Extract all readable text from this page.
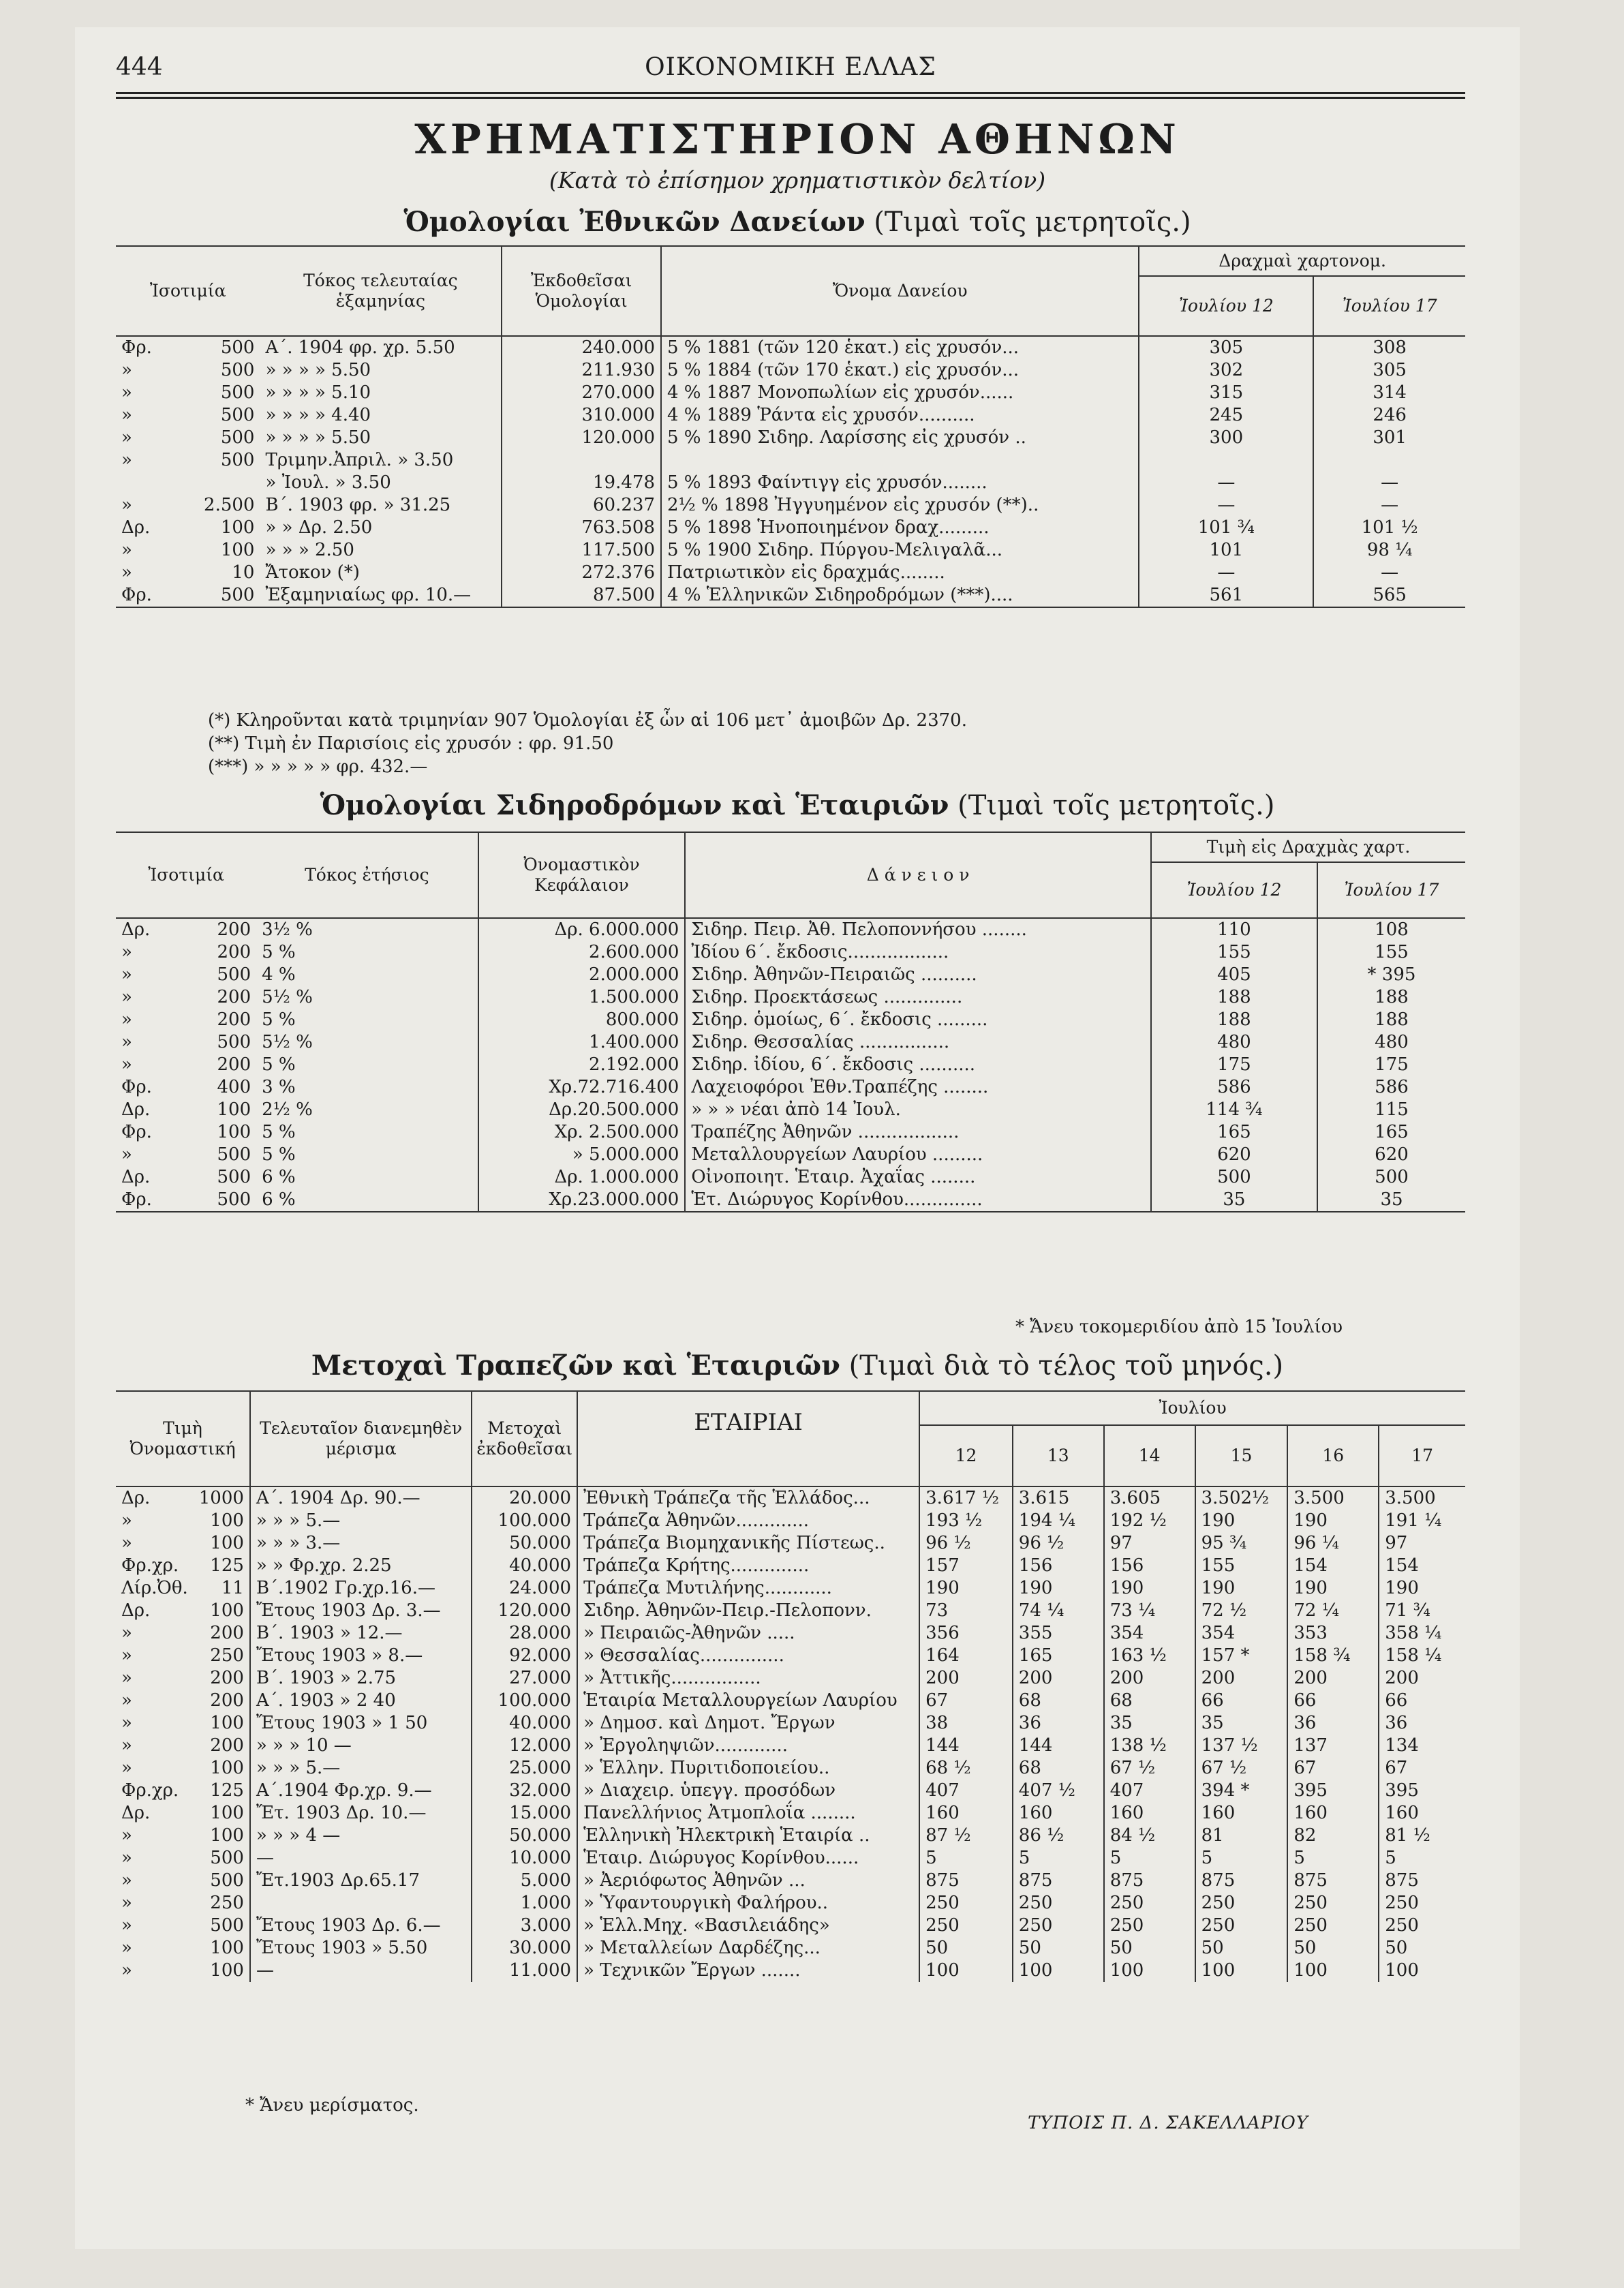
444	ΟΙΚΟΝΟΜΙΚΗ ΕΛΛΑΣ
ΧΡΗΜΑΤΙΣΤΗΡΙΟΝ ΑΘΗΝΩΝ
(Κατὰ τὸ ἐπίσημον χρηματιστικὸν δελτίον)
Ὁμολογίαι Ἐθνικῶν Δανείων (Τιμαὶ τοῖς μετρητοῖς.)
Ἰσοτιμία		Τόκος τελευταίας ἑξαμηνίας	Ἐκδοθεῖσαι Ὁμολογίαι	Ὄνομα Δανείου	Δραχμαὶ χαρτονομ.	
					Ἰουλίου 12	Ἰουλίου 17
Φρ.	500	Α΄. 1904 φρ. χρ. 5.50	240.000	5 % 1881 (τῶν 120 ἑκατ.) εἰς χρυσόν...	305	308
»	500	» » » » 5.50	211.930	5 % 1884 (τῶν 170 ἑκατ.) εἰς χρυσόν...	302	305
»	500	» » » » 5.10	270.000	4 % 1887 Μονοπωλίων εἰς χρυσόν......	315	314
»	500	» » » » 4.40	310.000	4 % 1889 Ῥάντα εἰς χρυσόν..........	245	246
»	500	» » » » 5.50	120.000	5 % 1890 Σιδηρ. Λαρίσσης εἰς χρυσόν ..	300	301
»	500	Τριμην.Ἀπριλ. » 3.50				
		» Ἰουλ. » 3.50	19.478	5 % 1893 Φαίντιγγ εἰς χρυσόν........	—	—
»	2.500	Β΄. 1903 φρ. » 31.25	60.237	2½ % 1898 Ἠγγυημένον εἰς χρυσόν (**)..	—	—
Δρ.	100	» » Δρ. 2.50	763.508	5 % 1898 Ἡνοποιημένον δραχ.........	101 ¾	101 ½
»	100	» » » 2.50	117.500	5 % 1900 Σιδηρ. Πύργου-Μελιγαλᾶ...	101	98 ¼
»	10	Ἄτοκον (*)	272.376	Πατριωτικὸν εἰς δραχμάς........	—	—
Φρ.	500	Ἐξαμηνιαίως φρ. 10.—	87.500	4 % Ἑλληνικῶν Σιδηροδρόμων (***)....	561	565
(*) Κληροῦνται κατὰ τριμηνίαν 907 Ὁμολογίαι ἐξ ὧν αἱ 106 μετ᾽ ἀμοιβῶν Δρ. 2370.
(**) Τιμὴ ἐν Παρισίοις εἰς χρυσόν : φρ. 91.50
(***) » » » » » φρ. 432.—
Ὁμολογίαι Σιδηροδρόμων καὶ Ἑταιριῶν (Τιμαὶ τοῖς μετρητοῖς.)
Ἰσοτιμία		Τόκος ἐτήσιος	Ὀνομαστικὸν Κεφάλαιον	Δ ά ν ε ι ο ν	Τιμὴ εἰς Δραχμὰς χαρτ.	
					Ἰουλίου 12	Ἰουλίου 17
Δρ.	200	3½ %	Δρ. 6.000.000	Σιδηρ. Πειρ. Ἀθ. Πελοποννήσου ........	110	108
»	200	5 %	2.600.000	Ἰδίου 6΄. ἔκδοσις..................	155	155
»	500	4 %	2.000.000	Σιδηρ. Ἀθηνῶν-Πειραιῶς ..........	405	* 395
»	200	5½ %	1.500.000	Σιδηρ. Προεκτάσεως ..............	188	188
»	200	5 %	800.000	Σιδηρ. ὁμοίως, 6΄. ἔκδοσις .........	188	188
»	500	5½ %	1.400.000	Σιδηρ. Θεσσαλίας ................	480	480
»	200	5 %	2.192.000	Σιδηρ. ἰδίου, 6΄. ἔκδοσις ..........	175	175
Φρ.	400	3 %	Χρ.72.716.400	Λαχειοφόροι Ἐθν.Τραπέζης ........	586	586
Δρ.	100	2½ %	Δρ.20.500.000	» » » νέαι ἀπὸ 14 Ἰουλ.	114 ¾	115
Φρ.	100	5 %	Χρ. 2.500.000	Τραπέζης Ἀθηνῶν ..................	165	165
»	500	5 %	» 5.000.000	Μεταλλουργείων Λαυρίου .........	620	620
Δρ.	500	6 %	Δρ. 1.000.000	Οἰνοποιητ. Ἑταιρ. Ἀχαΐας ........	500	500
Φρ.	500	6 %	Χρ.23.000.000	Ἑτ. Διώρυγος Κορίνθου..............	35	35
* Ἄνευ τοκομεριδίου ἀπὸ 15 Ἰουλίου
Μετοχαὶ Τραπεζῶν καὶ Ἑταιριῶν (Τιμαὶ διὰ τὸ τέλος τοῦ μηνός.)
Τιμὴ Ὀνομαστική		Τελευταῖον διανεμηθὲν μέρισμα	Μετοχαὶ ἐκδοθεῖσαι	ΕΤΑΙΡΙΑΙ	Ἰουλίου					
					12	13	14	15	16	17
Δρ.	1000	Α΄. 1904 Δρ. 90.—	20.000	Ἐθνικὴ Τράπεζα τῆς Ἑλλάδος...	3.617 ½	3.615	3.605	3.502½	3.500	3.500
»	100	» » » 5.—	100.000	Τράπεζα Ἀθηνῶν.............	193 ½	194 ¼	192 ½	190	190	191 ¼
»	100	» » » 3.—	50.000	Τράπεζα Βιομηχανικῆς Πίστεως..	96 ½	96 ½	97	95 ¾	96 ¼	97
Φρ.χρ.	125	» » Φρ.χρ. 2.25	40.000	Τράπεζα Κρήτης..............	157	156	156	155	154	154
Λίρ.Ὀθ.	11	Β΄.1902 Γρ.χρ.16.—	24.000	Τράπεζα Μυτιλήνης............	190	190	190	190	190	190
Δρ.	100	Ἔτους 1903 Δρ. 3.—	120.000	Σιδηρ. Ἀθηνῶν-Πειρ.-Πελοπονν.	73	74 ¼	73 ¼	72 ½	72 ¼	71 ¾
»	200	Β΄. 1903 » 12.—	28.000	» Πειραιῶς-Ἀθηνῶν .....	356	355	354	354	353	358 ¼
»	250	Ἔτους 1903 » 8.—	92.000	» Θεσσαλίας...............	164	165	163 ½	157 *	158 ¾	158 ¼
»	200	Β΄. 1903 » 2.75	27.000	» Ἀττικῆς................	200	200	200	200	200	200
»	200	Α΄. 1903 » 2 40	100.000	Ἑταιρία Μεταλλουργείων Λαυρίου	67	68	68	66	66	66
»	100	Ἔτους 1903 » 1 50	40.000	» Δημοσ. καὶ Δημοτ. Ἔργων	38	36	35	35	36	36
»	200	» » » 10 —	12.000	» Ἐργοληψιῶν.............	144	144	138 ½	137 ½	137	134
»	100	» » » 5.—	25.000	» Ἑλλην. Πυριτιδοποιείου..	68 ½	68	67 ½	67 ½	67	67
Φρ.χρ.	125	Α΄.1904 Φρ.χρ. 9.—	32.000	» Διαχειρ. ὑπεγγ. προσόδων	407	407 ½	407	394 *	395	395
Δρ.	100	Ἔτ. 1903 Δρ. 10.—	15.000	Πανελλήνιος Ἀτμοπλοΐα ........	160	160	160	160	160	160
»	100	» » » 4 —	50.000	Ἑλληνικὴ Ἠλεκτρικὴ Ἑταιρία ..	87 ½	86 ½	84 ½	81	82	81 ½
»	500	—	10.000	Ἑταιρ. Διώρυγος Κορίνθου......	5	5	5	5	5	5
»	500	Ἔτ.1903 Δρ.65.17	5.000	» Ἀεριόφωτος Ἀθηνῶν ...	875	875	875	875	875	875
»	250		1.000	» Ὑφαντουργικὴ Φαλήρου..	250	250	250	250	250	250
»	500	Ἔτους 1903 Δρ. 6.—	3.000	» Ἑλλ.Μηχ. «Βασιλειάδης»	250	250	250	250	250	250
»	100	Ἔτους 1903 » 5.50	30.000	» Μεταλλείων Δαρδέζης...	50	50	50	50	50	50
»	100	—	11.000	» Τεχνικῶν Ἔργων .......	100	100	100	100	100	100
* Ἄνευ μερίσματος.
ΤΥΠΟΙΣ Π. Δ. ΣΑΚΕΛΛΑΡΙΟΥ
